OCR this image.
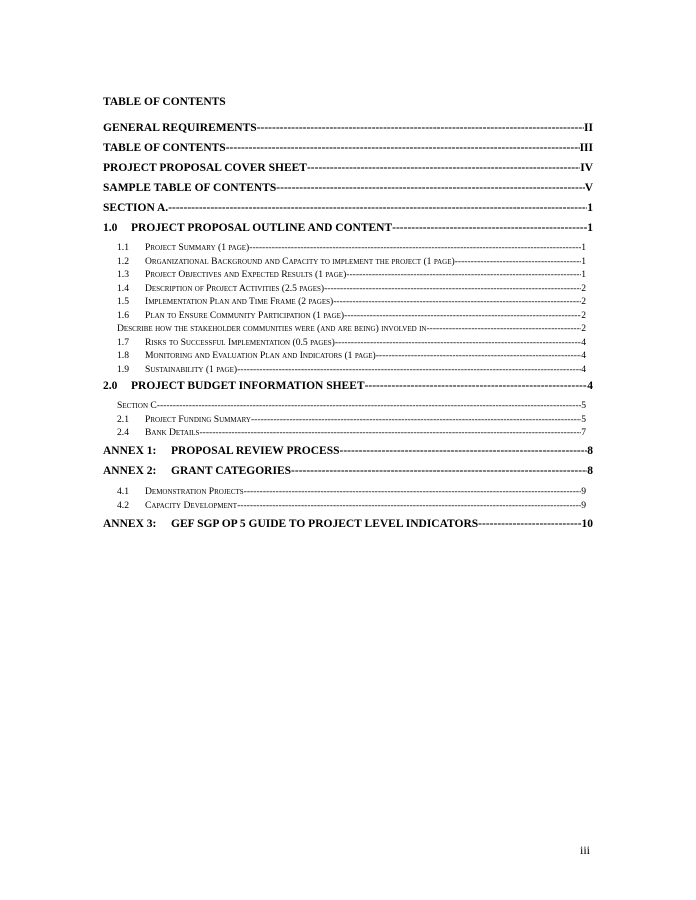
TABLE OF CONTENTS
GENERAL REQUIREMENTS -----	II
TABLE OF CONTENTS -----	III
PROJECT PROPOSAL COVER SHEET -----	IV
SAMPLE TABLE OF CONTENTS -----	V
SECTION A. -----	1
1.0	PROJECT PROPOSAL OUTLINE AND CONTENT -----	1
1.1	Project Summary (1 page) -----	1
1.2	Organizational Background and Capacity to implement the project (1 page) -----	1
1.3	Project Objectives and Expected Results (1 page) -----	1
1.4	Description of Project Activities (2.5 pages) -----	2
1.5	Implementation Plan and Time Frame (2 pages) -----	2
1.6	Plan to Ensure Community Participation (1 page) -----	2
Describe how the stakeholder communities were (and are being) involved in -----	2
1.7	Risks to Successful Implementation (0.5 pages) -----	4
1.8	Monitoring and Evaluation Plan and Indicators (1 page) -----	4
1.9	Sustainability (1 page) -----	4
2.0	PROJECT BUDGET INFORMATION SHEET -----	4
Section C -----	5
2.1	Project Funding Summary -----	5
2.4	Bank Details -----	7
ANNEX 1:	PROPOSAL REVIEW PROCESS -----	8
ANNEX 2:	GRANT CATEGORIES -----	8
4.1	Demonstration Projects -----	9
4.2	Capacity Development -----	9
ANNEX 3:	GEF SGP OP 5 GUIDE TO PROJECT LEVEL INDICATORS -----	10
iii
